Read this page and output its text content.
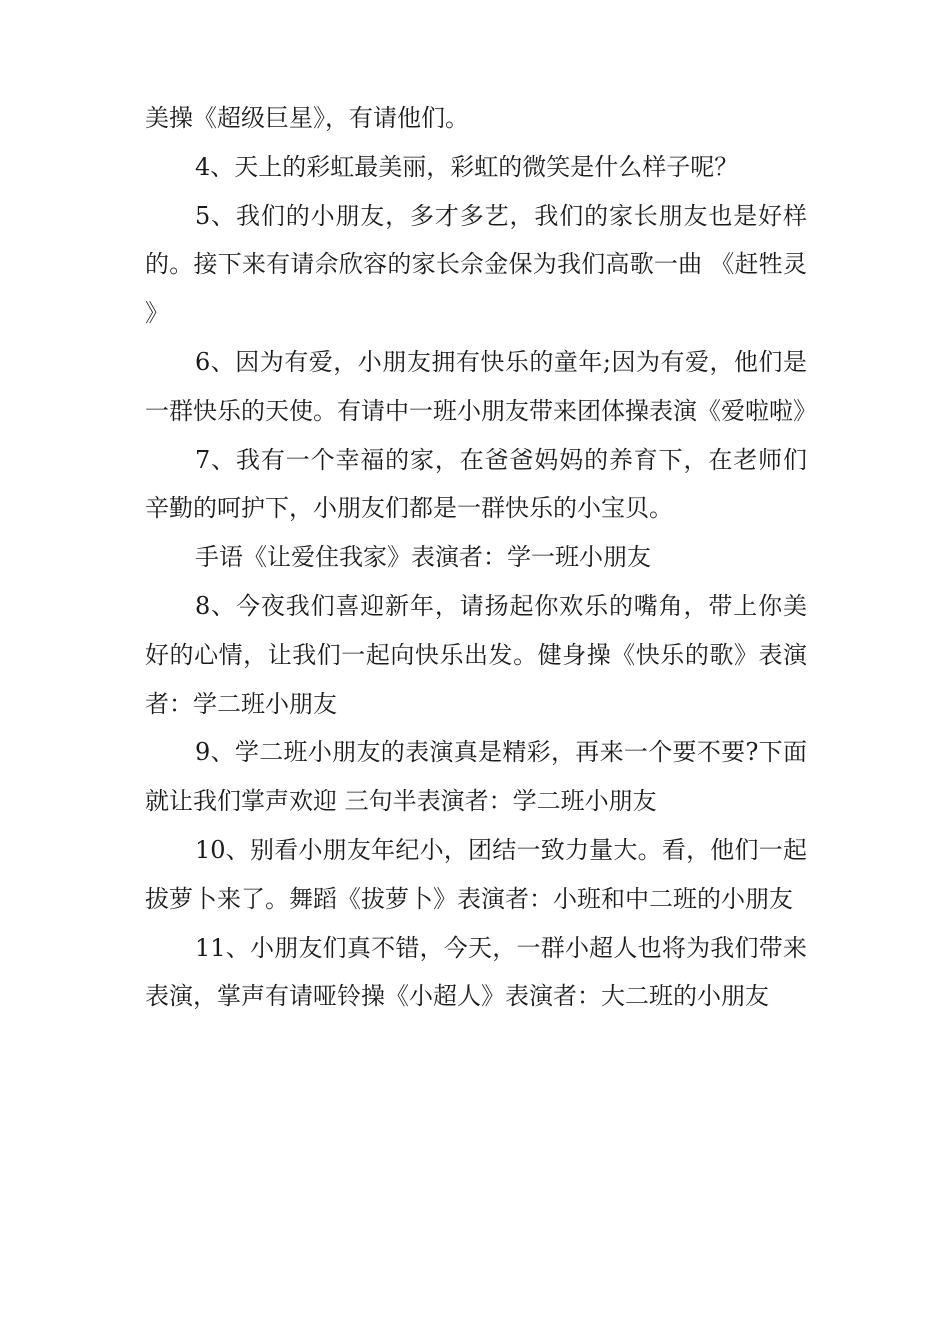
美操《超级巨星》，有请他们。

4、天上的彩虹最美丽，彩虹的微笑是什么样子呢？

5、我们的小朋友，多才多艺，我们的家长朋友也是好样的。接下来有请佘欣容的家长佘金保为我们高歌一曲 《赶牲灵》

6、因为有爱，小朋友拥有快乐的童年;因为有爱，他们是一群快乐的天使。有请中一班小朋友带来团体操表演《爱啦啦》

7、我有一个幸福的家，在爸爸妈妈的养育下，在老师们辛勤的呵护下，小朋友们都是一群快乐的小宝贝。

手语《让爱住我家》表演者：学一班小朋友

8、今夜我们喜迎新年，请扬起你欢乐的嘴角，带上你美好的心情，让我们一起向快乐出发。健身操《快乐的歌》表演者：学二班小朋友

9、学二班小朋友的表演真是精彩，再来一个要不要?下面就让我们掌声欢迎 三句半表演者：学二班小朋友

10、别看小朋友年纪小，团结一致力量大。看，他们一起拔萝卜来了。舞蹈《拔萝卜》表演者：小班和中二班的小朋友

11、小朋友们真不错，今天，一群小超人也将为我们带来表演，掌声有请哑铃操《小超人》表演者：大二班的小朋友
